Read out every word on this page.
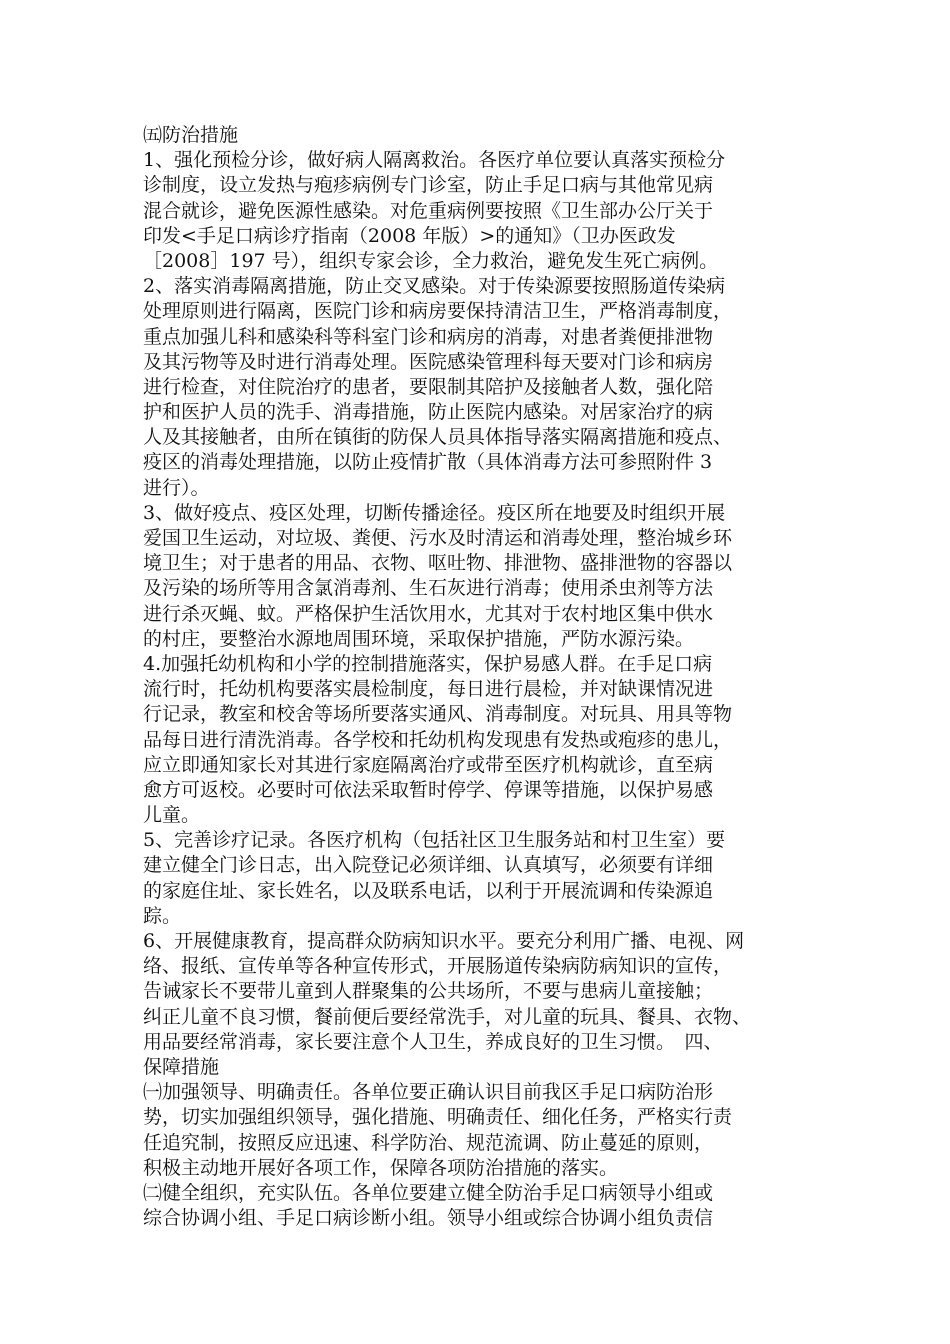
㈤防治措施
1、强化预检分诊，做好病人隔离救治。各医疗单位要认真落实预检分
诊制度，设立发热与疱疹病例专门诊室，防止手足口病与其他常见病
混合就诊，避免医源性感染。对危重病例要按照《卫生部办公厅关于
印发<手足口病诊疗指南（2008 年版）>的通知》（卫办医政发
［2008］197 号），组织专家会诊，全力救治，避免发生死亡病例。
2、落实消毒隔离措施，防止交叉感染。对于传染源要按照肠道传染病
处理原则进行隔离，医院门诊和病房要保持清洁卫生，严格消毒制度，
重点加强儿科和感染科等科室门诊和病房的消毒，对患者粪便排泄物
及其污物等及时进行消毒处理。医院感染管理科每天要对门诊和病房
进行检查，对住院治疗的患者，要限制其陪护及接触者人数，强化陪
护和医护人员的洗手、消毒措施，防止医院内感染。对居家治疗的病
人及其接触者，由所在镇街的防保人员具体指导落实隔离措施和疫点、
疫区的消毒处理措施，以防止疫情扩散（具体消毒方法可参照附件 3
进行）。
3、做好疫点、疫区处理，切断传播途径。疫区所在地要及时组织开展
爱国卫生运动，对垃圾、粪便、污水及时清运和消毒处理，整治城乡环
境卫生；对于患者的用品、衣物、呕吐物、排泄物、盛排泄物的容器以
及污染的场所等用含氯消毒剂、生石灰进行消毒；使用杀虫剂等方法
进行杀灭蝇、蚊。严格保护生活饮用水，尤其对于农村地区集中供水
的村庄，要整治水源地周围环境，采取保护措施，严防水源污染。
4.加强托幼机构和小学的控制措施落实，保护易感人群。在手足口病
流行时，托幼机构要落实晨检制度，每日进行晨检，并对缺课情况进
行记录，教室和校舍等场所要落实通风、消毒制度。对玩具、用具等物
品每日进行清洗消毒。各学校和托幼机构发现患有发热或疱疹的患儿，
应立即通知家长对其进行家庭隔离治疗或带至医疗机构就诊，直至病
愈方可返校。必要时可依法采取暂时停学、停课等措施，以保护易感
儿童。
5、完善诊疗记录。各医疗机构（包括社区卫生服务站和村卫生室）要
建立健全门诊日志，出入院登记必须详细、认真填写，必须要有详细
的家庭住址、家长姓名，以及联系电话，以利于开展流调和传染源追
踪。
6、开展健康教育，提高群众防病知识水平。要充分利用广播、电视、网
络、报纸、宣传单等各种宣传形式，开展肠道传染病防病知识的宣传，
告诫家长不要带儿童到人群聚集的公共场所，不要与患病儿童接触；
纠正儿童不良习惯，餐前便后要经常洗手，对儿童的玩具、餐具、衣物、
用品要经常消毒，家长要注意个人卫生，养成良好的卫生习惯。　四、
保障措施
㈠加强领导、明确责任。各单位要正确认识目前我区手足口病防治形
势，切实加强组织领导，强化措施、明确责任、细化任务，严格实行责
任追究制，按照反应迅速、科学防治、规范流调、防止蔓延的原则，
积极主动地开展好各项工作，保障各项防治措施的落实。
㈡健全组织，充实队伍。各单位要建立健全防治手足口病领导小组或
综合协调小组、手足口病诊断小组。领导小组或综合协调小组负责信
